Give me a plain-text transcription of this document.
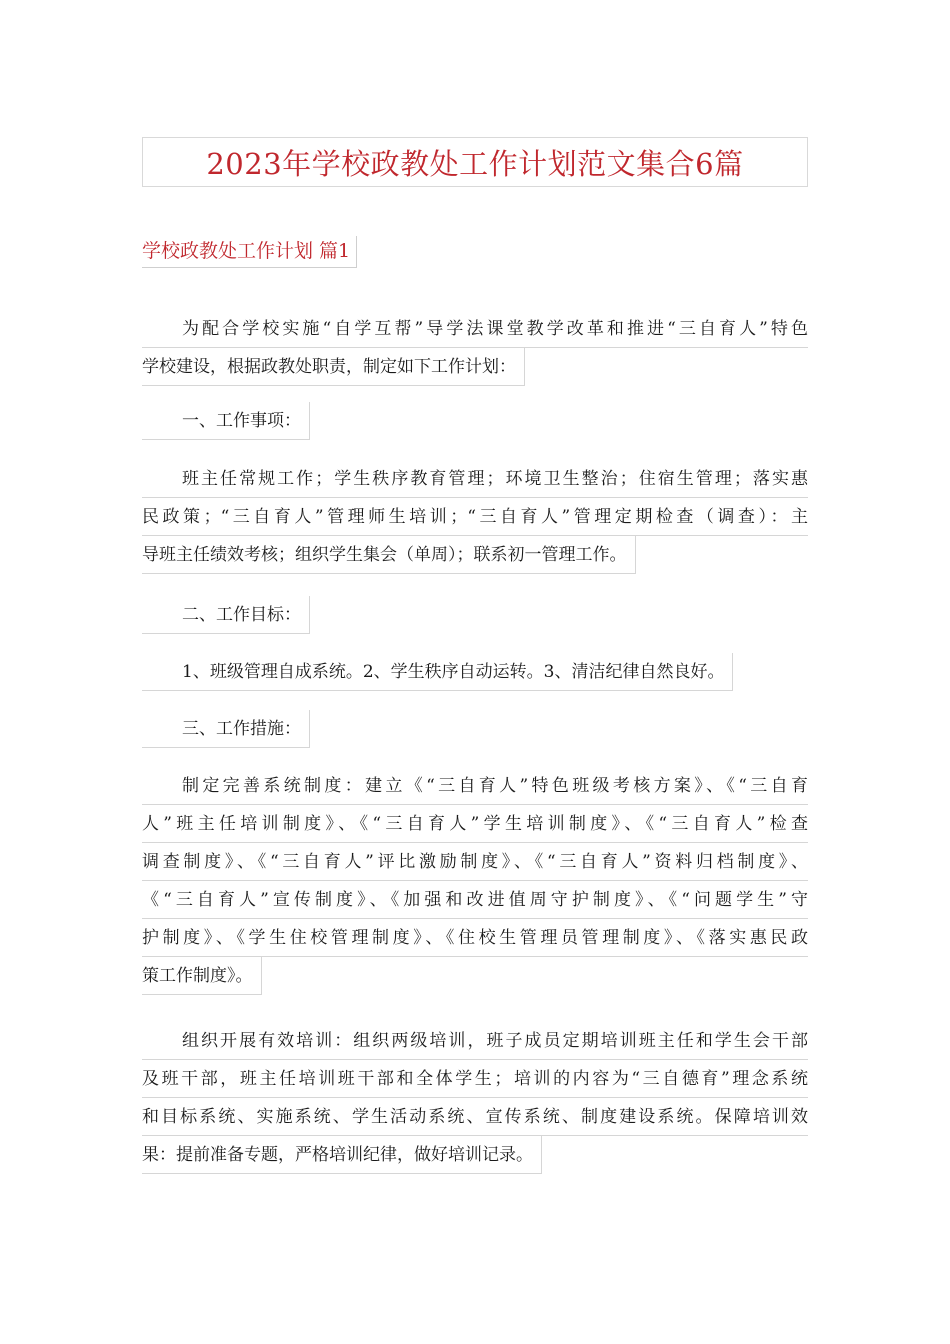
2023年学校政教处工作计划范文集合6篇
学校政教处工作计划 篇1
为配合学校实施“自学互帮”导学法课堂教学改革和推进“三自育人”特色
学校建设，根据政教处职责，制定如下工作计划：
一、工作事项：
班主任常规工作；学生秩序教育管理；环境卫生整治；住宿生管理；落实惠
民政策；“三自育人”管理师生培训；“三自育人”管理定期检查（调查）：主
导班主任绩效考核；组织学生集会（单周）；联系初一管理工作。
二、工作目标：
1、班级管理自成系统。2、学生秩序自动运转。3、清洁纪律自然良好。
三、工作措施：
制定完善系统制度：建立《“三自育人”特色班级考核方案》、《“三自育
人”班主任培训制度》、《“三自育人”学生培训制度》、《“三自育人”检查
调查制度》、《“三自育人”评比激励制度》、《“三自育人”资料归档制度》、
《“三自育人”宣传制度》、《加强和改进值周守护制度》、《“问题学生”守
护制度》、《学生住校管理制度》、《住校生管理员管理制度》、《落实惠民政
策工作制度》。
组织开展有效培训：组织两级培训，班子成员定期培训班主任和学生会干部
及班干部，班主任培训班干部和全体学生；培训的内容为“三自德育”理念系统
和目标系统、实施系统、学生活动系统、宣传系统、制度建设系统。保障培训效
果：提前准备专题，严格培训纪律，做好培训记录。
